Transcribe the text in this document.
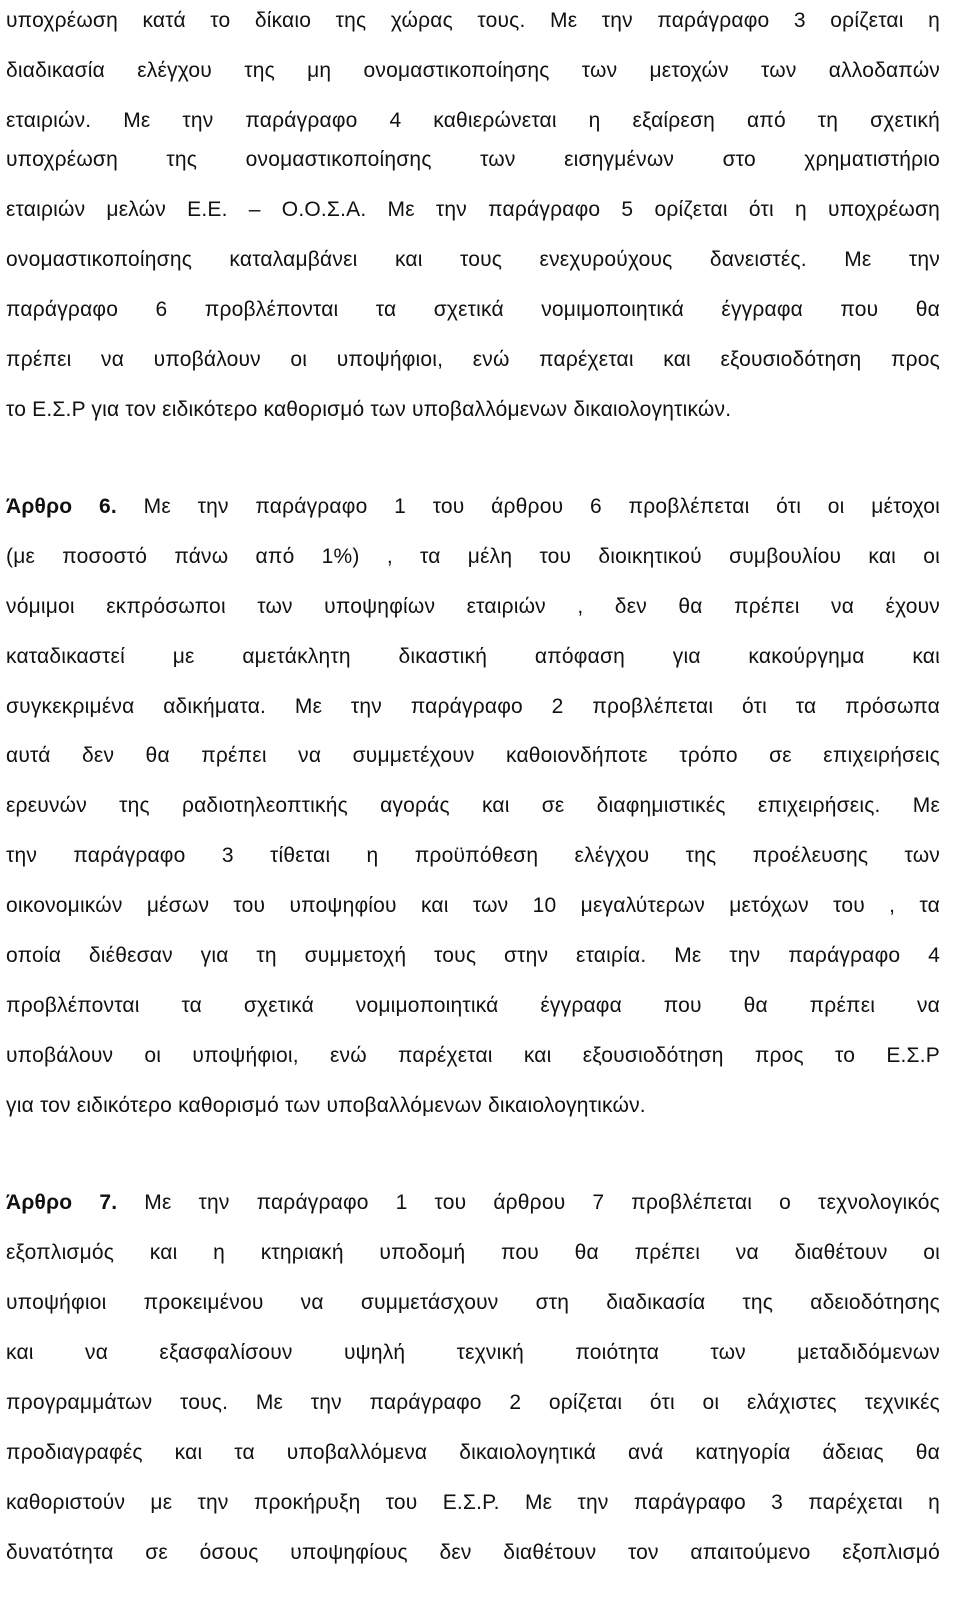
υποχρέωση κατά το δίκαιο της χώρας τους. Με την παράγραφο 3 ορίζεται η
διαδικασία ελέγχου της μη ονομαστικοποίησης των μετοχών των αλλοδαπών
εταιριών. Με την παράγραφο 4 καθιερώνεται η εξαίρεση από τη σχετική
υποχρέωση της ονομαστικοποίησης των εισηγμένων στο χρηματιστήριο
εταιριών μελών Ε.Ε. – Ο.Ο.Σ.Α. Με την παράγραφο 5 ορίζεται ότι η υποχρέωση
ονομαστικοποίησης καταλαμβάνει και τους ενεχυρούχους δανειστές. Με την
παράγραφο 6 προβλέπονται τα σχετικά νομιμοποιητικά έγγραφα που θα
πρέπει να υποβάλουν οι υποψήφιοι, ενώ παρέχεται και εξουσιοδότηση προς
το Ε.Σ.Ρ για τον ειδικότερο καθορισμό των υποβαλλόμενων δικαιολογητικών.
Άρθρο 6. Με την παράγραφο 1 του άρθρου 6 προβλέπεται ότι οι μέτοχοι
(με ποσοστό πάνω από 1%) , τα μέλη του διοικητικού συμβουλίου και οι
νόμιμοι εκπρόσωποι των υποψηφίων εταιριών , δεν θα πρέπει να έχουν
καταδικαστεί με αμετάκλητη δικαστική απόφαση για κακούργημα και
συγκεκριμένα αδικήματα. Με την παράγραφο 2 προβλέπεται ότι τα πρόσωπα
αυτά δεν θα πρέπει να συμμετέχουν καθοιονδήποτε τρόπο σε επιχειρήσεις
ερευνών της ραδιοτηλεοπτικής αγοράς και σε διαφημιστικές επιχειρήσεις. Με
την παράγραφο 3 τίθεται η προϋπόθεση ελέγχου της προέλευσης των
οικονομικών μέσων του υποψηφίου και των 10 μεγαλύτερων μετόχων του , τα
οποία διέθεσαν για τη συμμετοχή τους στην εταιρία. Με την παράγραφο 4
προβλέπονται τα σχετικά νομιμοποιητικά έγγραφα που θα πρέπει να
υποβάλουν οι υποψήφιοι, ενώ παρέχεται και εξουσιοδότηση προς το Ε.Σ.Ρ
για τον ειδικότερο καθορισμό των υποβαλλόμενων δικαιολογητικών.
Άρθρο 7. Με την παράγραφο 1 του άρθρου 7 προβλέπεται ο τεχνολογικός
εξοπλισμός και η κτηριακή υποδομή που θα πρέπει να διαθέτουν οι
υποψήφιοι προκειμένου να συμμετάσχουν στη διαδικασία της αδειοδότησης
και να εξασφαλίσουν υψηλή τεχνική ποιότητα των μεταδιδόμενων
προγραμμάτων τους. Με την παράγραφο 2 ορίζεται ότι οι ελάχιστες τεχνικές
προδιαγραφές και τα υποβαλλόμενα δικαιολογητικά ανά κατηγορία άδειας θα
καθοριστούν με την προκήρυξη του Ε.Σ.Ρ. Με την παράγραφο 3 παρέχεται η
δυνατότητα σε όσους υποψηφίους δεν διαθέτουν τον απαιτούμενο εξοπλισμό
